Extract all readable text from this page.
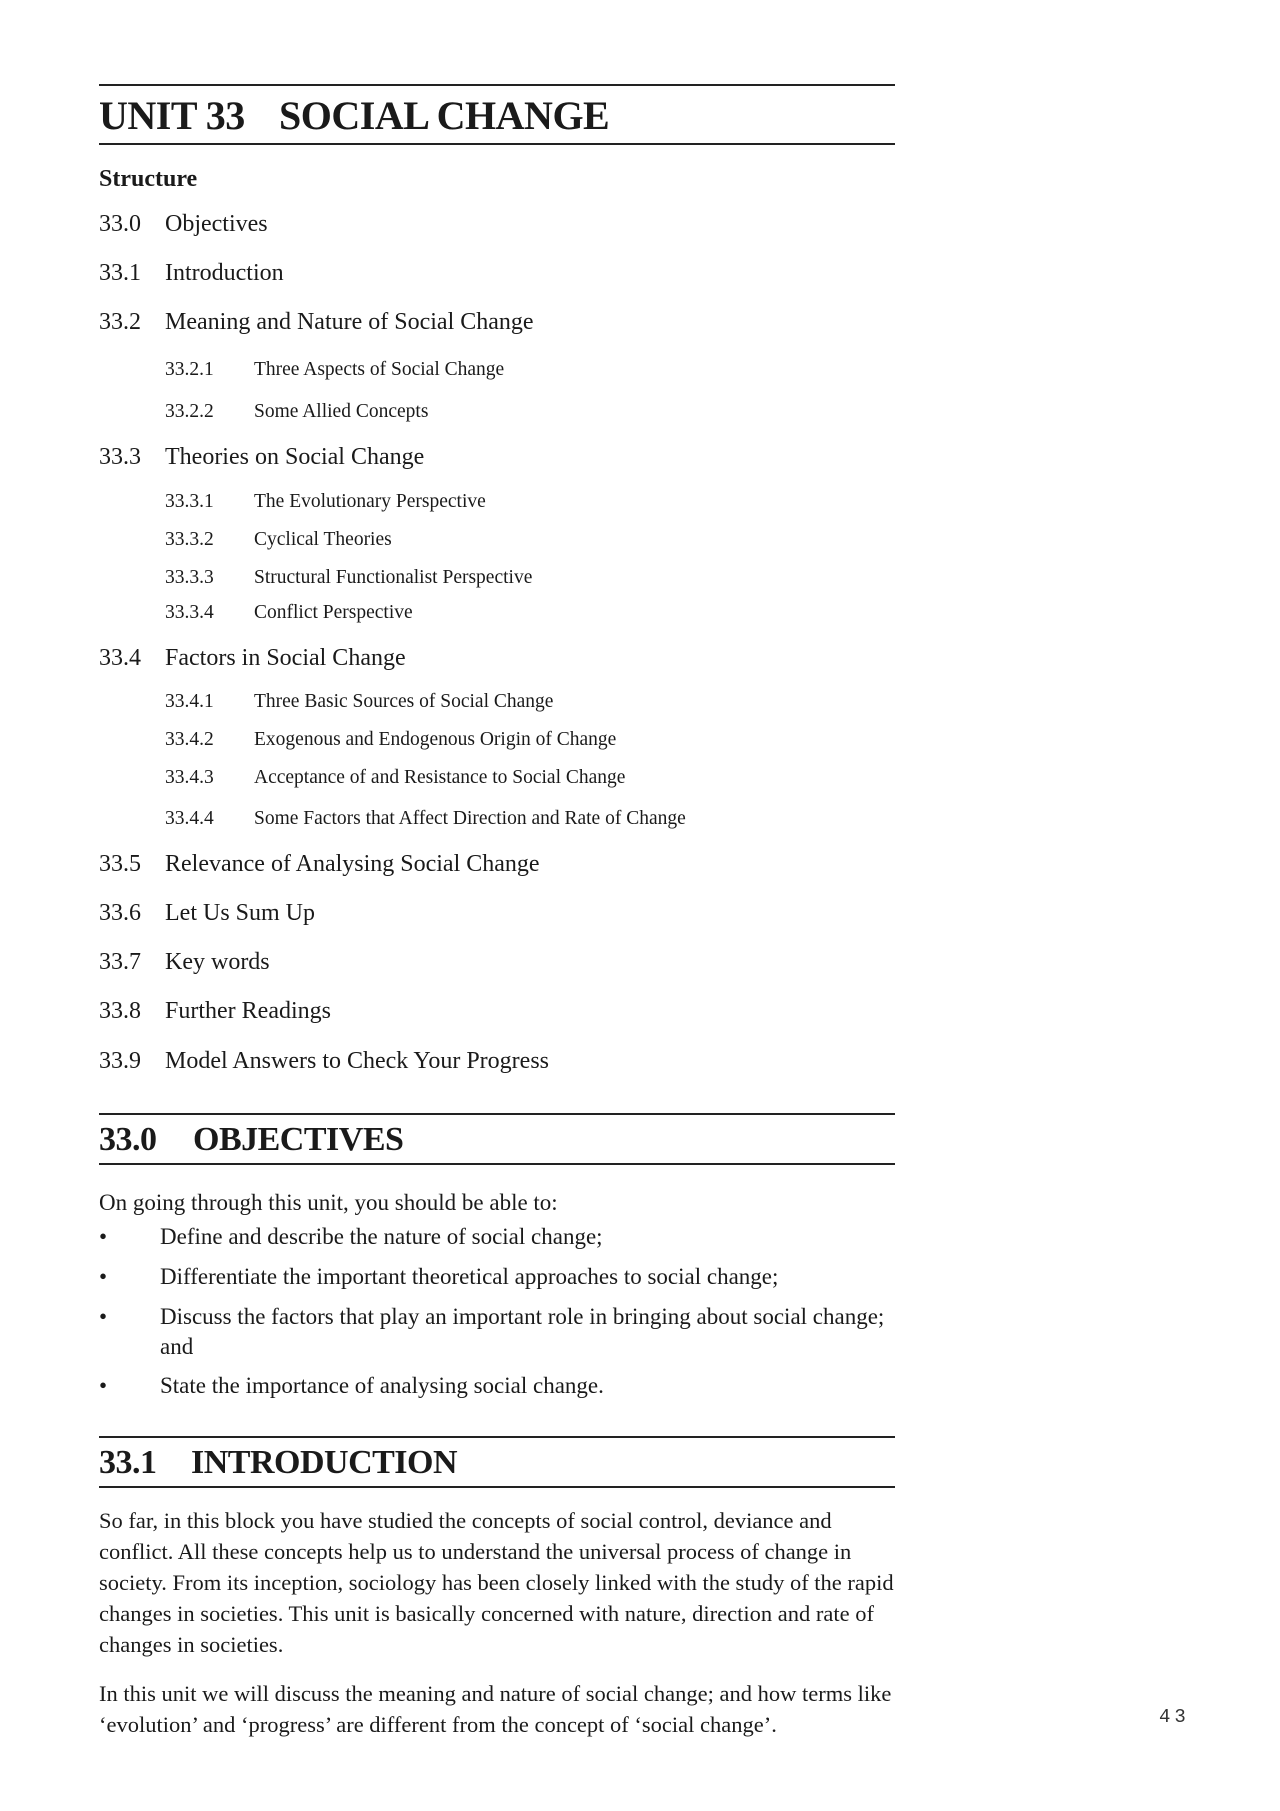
UNIT 33 SOCIAL CHANGE
Structure
33.0 Objectives
33.1 Introduction
33.2 Meaning and Nature of Social Change
33.2.1 Three Aspects of Social Change
33.2.2 Some Allied Concepts
33.3 Theories on Social Change
33.3.1 The Evolutionary Perspective
33.3.2 Cyclical Theories
33.3.3 Structural Functionalist Perspective
33.3.4 Conflict Perspective
33.4 Factors in Social Change
33.4.1 Three Basic Sources of Social Change
33.4.2 Exogenous and Endogenous Origin of Change
33.4.3 Acceptance of and Resistance to Social Change
33.4.4 Some Factors that Affect Direction and Rate of Change
33.5 Relevance of Analysing Social Change
33.6 Let Us Sum Up
33.7 Key words
33.8 Further Readings
33.9 Model Answers to Check Your Progress
33.0 OBJECTIVES
On going through this unit, you should be able to:
• Define and describe the nature of social change;
• Differentiate the important theoretical approaches to social change;
• Discuss the factors that play an important role in bringing about social change; and
• State the importance of analysing social change.
33.1 INTRODUCTION
So far, in this block you have studied the concepts of social control, deviance and conflict. All these concepts help us to understand the universal process of change in society. From its inception, sociology has been closely linked with the study of the rapid changes in societies. This unit is basically concerned with nature, direction and rate of changes in societies.
In this unit we will discuss the meaning and nature of social change; and how terms like ‘evolution’ and ‘progress’ are different from the concept of ‘social change’.	43
